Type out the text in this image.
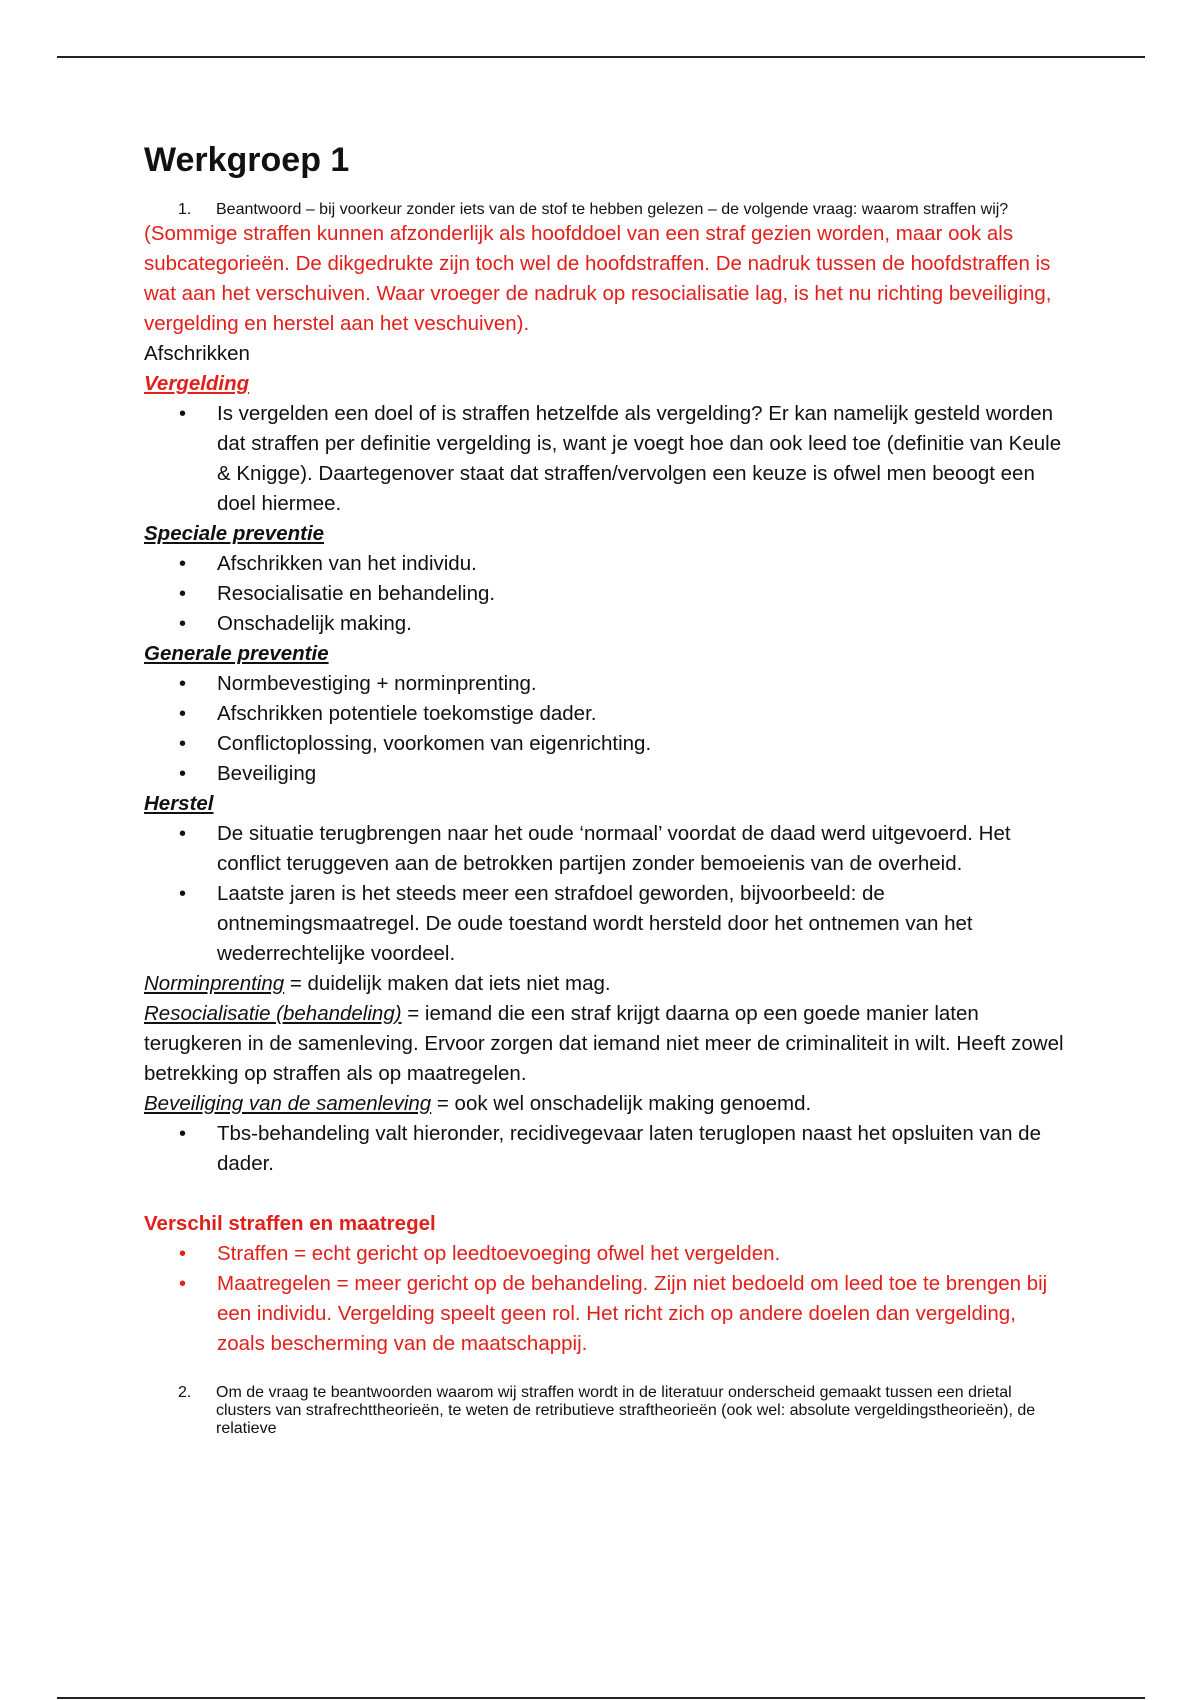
Werkgroep 1
1.	Beantwoord – bij voorkeur zonder iets van de stof te hebben gelezen – de volgende vraag: waarom straffen wij?

(Sommige straffen kunnen afzonderlijk als hoofddoel van een straf gezien worden, maar ook als subcategorieën. De dikgedrukte zijn toch wel de hoofdstraffen. De nadruk tussen de hoofdstraffen is wat aan het verschuiven. Waar vroeger de nadruk op resocialisatie lag, is het nu richting beveiliging, vergelding en herstel aan het veschuiven).

Afschrikken

Vergelding

• Is vergelden een doel of is straffen hetzelfde als vergelding? Er kan namelijk gesteld worden dat straffen per definitie vergelding is, want je voegt hoe dan ook leed toe (definitie van Keule & Knigge). Daartegenover staat dat straffen/vervolgen een keuze is ofwel men beoogt een doel hiermee.

Speciale preventie

• Afschrikken van het individu.
• Resocialisatie en behandeling.
• Onschadelijk making.

Generale preventie

• Normbevestiging + norminprenting.
• Afschrikken potentiele toekomstige dader.
• Conflictoplossing, voorkomen van eigenrichting.
• Beveiliging

Herstel

• De situatie terugbrengen naar het oude ‘normaal’ voordat de daad werd uitgevoerd. Het conflict teruggeven aan de betrokken partijen zonder bemoeienis van de overheid.
• Laatste jaren is het steeds meer een strafdoel geworden, bijvoorbeeld: de ontnemingsmaatregel. De oude toestand wordt hersteld door het ontnemen van het wederrechtelijke voordeel.

Norminprenting = duidelijk maken dat iets niet mag.

Resocialisatie (behandeling) = iemand die een straf krijgt daarna op een goede manier laten terugkeren in de samenleving. Ervoor zorgen dat iemand niet meer de criminaliteit in wilt. Heeft zowel betrekking op straffen als op maatregelen.

Beveiliging van de samenleving = ook wel onschadelijk making genoemd.

• Tbs-behandeling valt hieronder, recidivegevaar laten teruglopen naast het opsluiten van de dader.

Verschil straffen en maatregel

• Straffen = echt gericht op leedtoevoeging ofwel het vergelden.
• Maatregelen = meer gericht op de behandeling. Zijn niet bedoeld om leed toe te brengen bij een individu. Vergelding speelt geen rol. Het richt zich op andere doelen dan vergelding, zoals bescherming van de maatschappij.
2.	Om de vraag te beantwoorden waarom wij straffen wordt in de literatuur onderscheid gemaakt tussen een drietal clusters van strafrechttheorieën, te weten de retributieve straftheorieën (ook wel: absolute vergeldingstheorieën), de relatieve
